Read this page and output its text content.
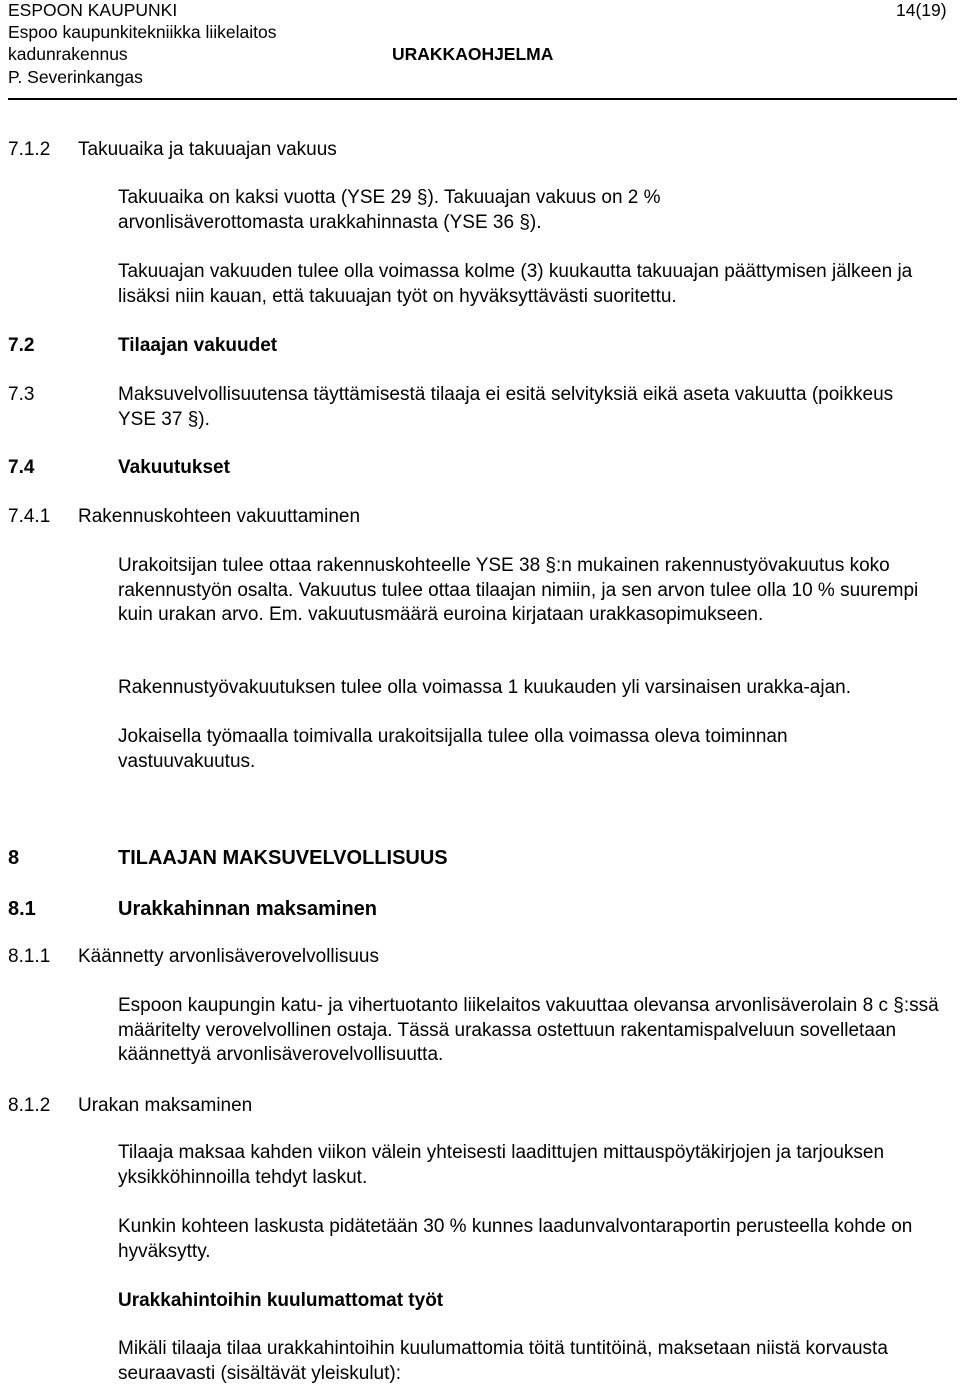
ESPOON KAUPUNKI
Espoo kaupunkitekniikka liikelaitos
kadunrakennus
P. Severinkangas
URAKKAOHJELMA
14(19)
7.1.2 Takuuaika ja takuuajan vakuus
Takuuaika on kaksi vuotta (YSE 29 §). Takuuajan vakuus on 2 % arvonlisäverottomasta urakkahinnasta (YSE 36 §).
Takuuajan vakuuden tulee olla voimassa kolme (3) kuukautta takuuajan päättymisen jälkeen ja lisäksi niin kauan, että takuuajan työt on hyväksyttävästi suoritettu.
7.2	Tilaajan vakuudet
7.3	Maksuvelvollisuutensa täyttämisestä tilaaja ei esitä selvityksiä eikä aseta vakuutta (poikkeus YSE 37 §).
7.4	Vakuutukset
7.4.1 Rakennuskohteen vakuuttaminen
Urakoitsijan tulee ottaa rakennuskohteelle YSE 38 §:n mukainen rakennustyövakuutus koko rakennustyön osalta. Vakuutus tulee ottaa tilaajan nimiin, ja sen arvon tulee olla 10 % suurempi kuin urakan arvo. Em. vakuutusmäärä euroina kirjataan urakkasopimukseen.
Rakennustyövakuutuksen tulee olla voimassa 1 kuukauden yli varsinaisen urakka-ajan.
Jokaisella työmaalla toimivalla urakoitsijalla tulee olla voimassa oleva toiminnan vastuuvakuutus.
8	TILAAJAN MAKSUVELVOLLISUUS
8.1	Urakkahinnan maksaminen
8.1.1 Käännetty arvonlisäverovelvollisuus
Espoon kaupungin katu- ja vihertuotanto liikelaitos vakuuttaa olevansa arvonlisäverolain 8 c §:ssä määritelty verovelvollinen ostaja. Tässä urakassa ostettuun rakentamispalveluun sovelletaan käännettyä arvonlisäverovelvollisuutta.
8.1.2 Urakan maksaminen
Tilaaja maksaa kahden viikon välein yhteisesti laadittujen mittauspöytäkirjojen ja tarjouksen yksikköhinnoilla tehdyt laskut.
Kunkin kohteen laskusta pidätetään 30 % kunnes laadunvalvontaraportin perusteella kohde on hyväksytty.
Urakkahintoihin kuulumattomat työt
Mikäli tilaaja tilaa urakkahintoihin kuulumattomia töitä tuntitöinä, maksetaan niistä korvausta seuraavasti (sisältävät yleiskulut):
